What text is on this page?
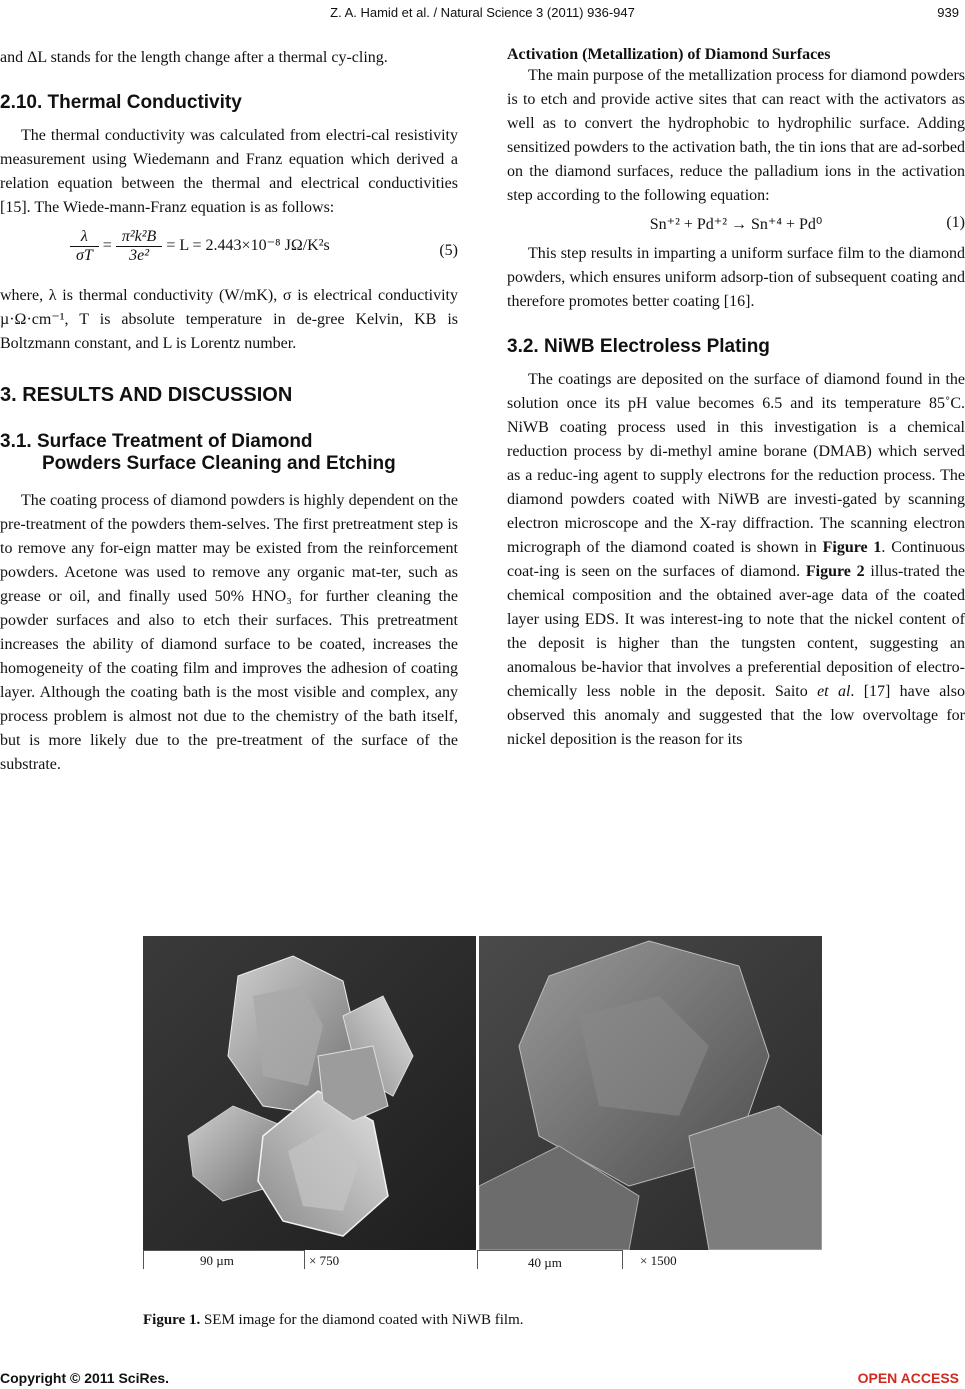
Z. A. Hamid et al. / Natural Science 3 (2011) 936-947	939

and ΔL stands for the length change after a thermal cy-cling.

2.10. Thermal Conductivity

The thermal conductivity was calculated from electri-cal resistivity measurement using Wiedemann and Franz equation which derived a relation equation between the thermal and electrical conductivities [15]. The Wiede-mann-Franz equation is as follows:

$\frac{\lambda}{\sigma T} = \frac{\text{π²k²B}}{\text{3e²}} = L = 2.443\times 10^{-8}$ JΩ/K²s	(5)

where, λ is thermal conductivity (W/mK), σ is electrical conductivity µ·Ω·cm⁻¹, T is absolute temperature in de-gree Kelvin, KB is Boltzmann constant, and L is Lorentz number.

3. RESULTS AND DISCUSSION

3.1. Surface Treatment of Diamond

Powders Surface Cleaning and Etching

The coating process of diamond powders is highly dependent on the pre-treatment of the powders them-selves. The first pretreatment step is to remove any for-eign matter may be existed from the reinforcement powders. Acetone was used to remove any organic mat-ter, such as grease or oil, and finally used 50% HNO₃ for further cleaning the powder surfaces and also to etch their surfaces. This pretreatment increases the ability of diamond surface to be coated, increases the homogeneity of the coating film and improves the adhesion of coating layer. Although the coating bath is the most visible and complex, any process problem is almost not due to the chemistry of the bath itself, but is more likely due to the pre-treatment of the surface of the substrate.

Activation (Metallization) of Diamond Surfaces

The main purpose of the metallization process for diamond powders is to etch and provide active sites that can react with the activators as well as to convert the hydrophobic to hydrophilic surface. Adding sensitized powders to the activation bath, the tin ions that are ad-sorbed on the diamond surfaces, reduce the palladium ions in the activation step according to the following equation:

Sn⁺² + Pd⁺² → Sn⁺⁴ + Pd⁰	(1)

This step results in imparting a uniform surface film to the diamond powders, which ensures uniform adsorp-tion of subsequent coating and therefore promotes better coating [16].

3.2. NiWB Electroless Plating

The coatings are deposited on the surface of diamond found in the solution once its pH value becomes 6.5 and its temperature 85˚C. NiWB coating process used in this investigation is a chemical reduction process by di-methyl amine borane (DMAB) which served as a reduc-ing agent to supply electrons for the reduction process. The diamond powders coated with NiWB are investi-gated by scanning electron microscope and the X-ray diffraction. The scanning electron micrograph of the diamond coated is shown in Figure 1. Continuous coat-ing is seen on the surfaces of diamond. Figure 2 illus-trated the chemical composition and the obtained aver-age data of the coated layer using EDS. It was interest-ing to note that the nickel content of the deposit is higher than the tungsten content, suggesting an anomalous be-havior that involves a preferential deposition of electro-chemically less noble in the deposit. Saito et al. [17] have also observed this anomaly and suggested that the low overvoltage for nickel deposition is the reason for its

90 µm	× 750	40 µm	× 1500
Figure 1. SEM image for the diamond coated with NiWB film.
Copyright © 2011 SciRes.	OPEN ACCESS
